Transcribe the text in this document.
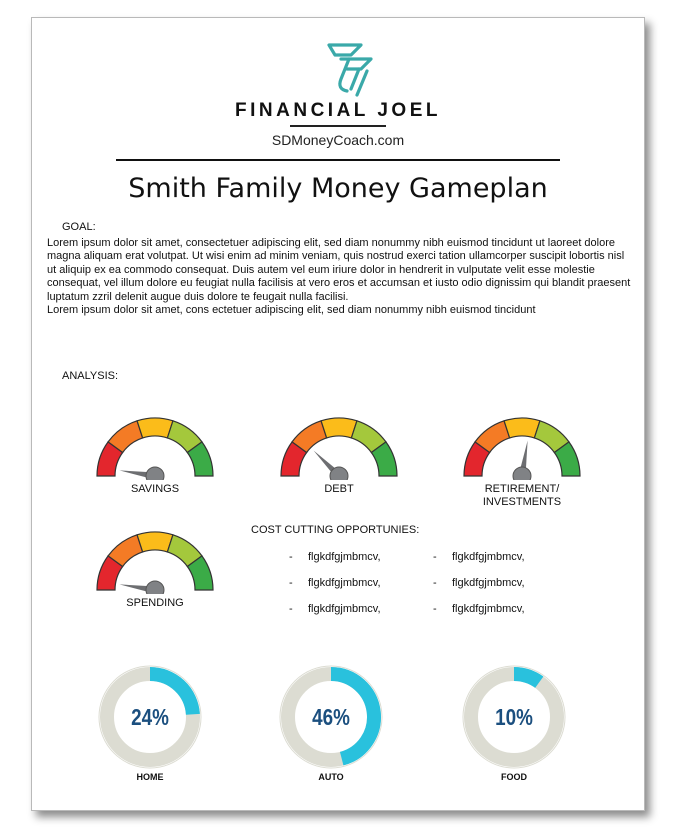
FINANCIAL JOEL
SDMoneyCoach.com
Smith Family Money Gameplan
GOAL:

Lorem ipsum dolor sit amet, consectetuer adipiscing elit, sed diam nonummy nibh euismod tincidunt ut laoreet dolore magna aliquam erat volutpat. Ut wisi enim ad minim veniam, quis nostrud exerci tation ullamcorper suscipit lobortis nisl ut aliquip ex ea commodo consequat. Duis autem vel eum iriure dolor in hendrerit in vulputate velit esse molestie consequat, vel illum dolore eu feugiat nulla facilisis at vero eros et accumsan et iusto odio dignissim qui blandit praesent luptatum zzril delenit augue duis dolore te feugait nulla facilisi.

Lorem ipsum dolor sit amet, cons ectetuer adipiscing elit, sed diam nonummy nibh euismod tincidunt

ANALYSIS:
SAVINGS	DEBT	RETIREMENT/
INVESTMENTS
SPENDING
COST CUTTING OPPORTUNIES:
- flgkdfgjmbmcv,	- flgkdfgjmbmcv,
- flgkdfgjmbmcv,	- flgkdfgjmbmcv,
- flgkdfgjmbmcv,	- flgkdfgjmbmcv,
24%
HOME
46%
AUTO
10%
FOOD
